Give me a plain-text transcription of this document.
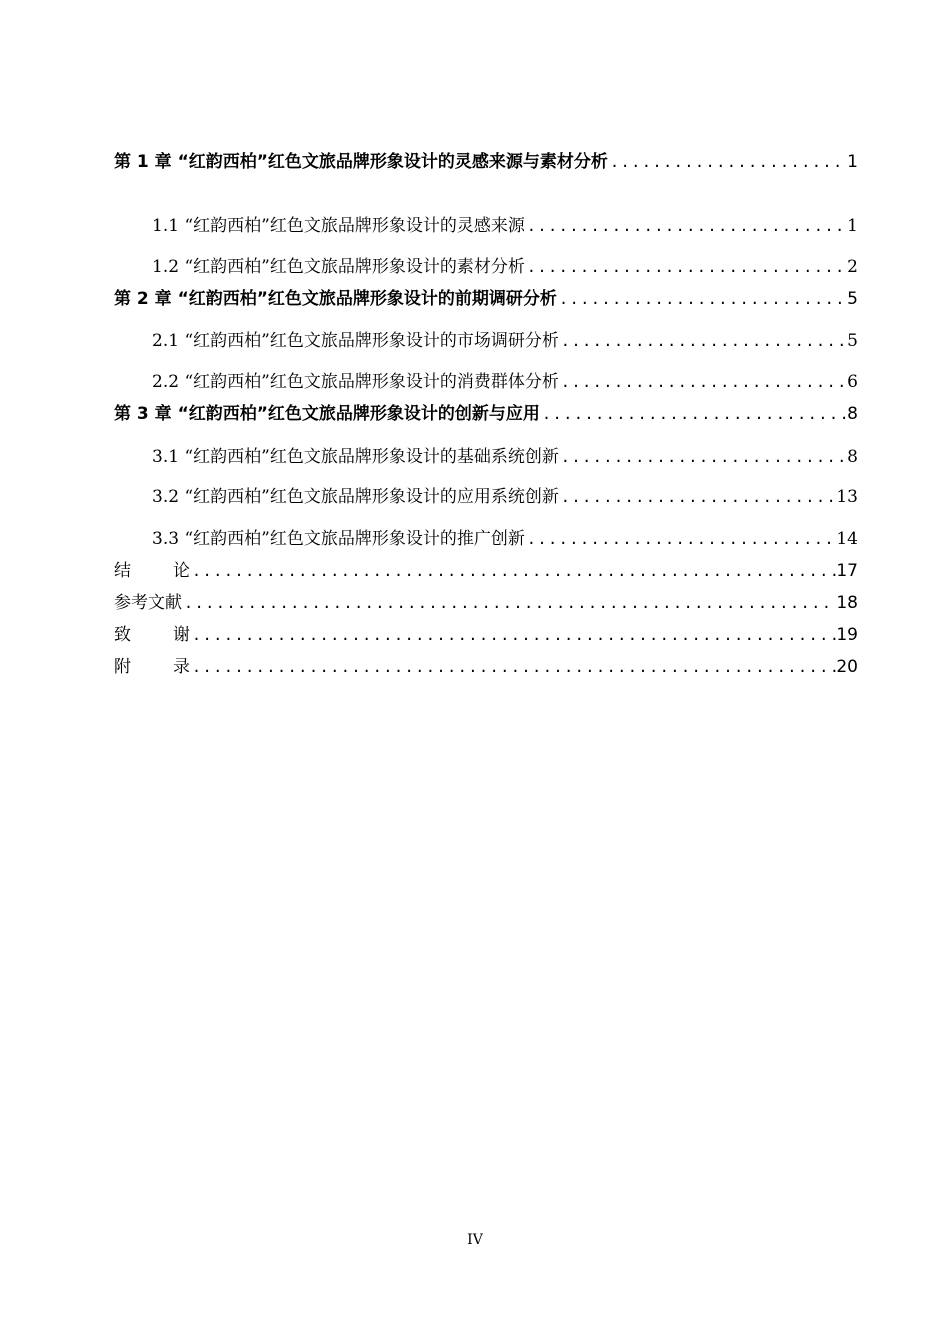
第 1 章 “红韵西柏”红色文旅品牌形象设计的灵感来源与素材分析 .....	1
1.1 “红韵西柏”红色文旅品牌形象设计的灵感来源 .....	1
1.2 “红韵西柏”红色文旅品牌形象设计的素材分析 .....	2
第 2 章 “红韵西柏”红色文旅品牌形象设计的前期调研分析 .....	5
2.1 “红韵西柏”红色文旅品牌形象设计的市场调研分析 .....	5
2.2 “红韵西柏”红色文旅品牌形象设计的消费群体分析 .....	6
第 3 章 “红韵西柏”红色文旅品牌形象设计的创新与应用 .....	8
3.1 “红韵西柏”红色文旅品牌形象设计的基础系统创新 .....	8
3.2 “红韵西柏”红色文旅品牌形象设计的应用系统创新 .....	13
3.3 “红韵西柏”红色文旅品牌形象设计的推广创新 .....	14
结 论 .....	17
参考文献 .....	18
致 谢 .....	19
附 录 .....	20
IV
